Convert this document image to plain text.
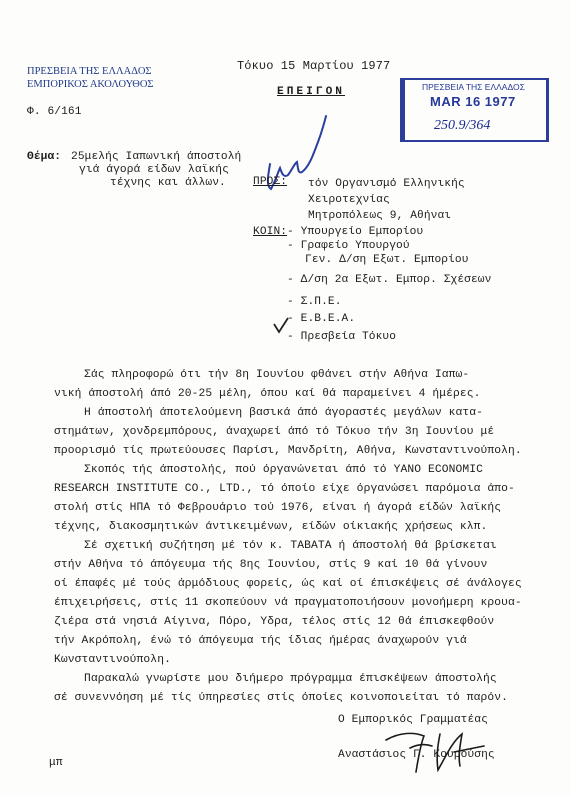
ΠΡΕΣΒΕΙΑ ΤΗΣ ΕΛΛΑΔΟΣ
ΕΜΠΟΡΙΚΟΣ ΑΚΟΛΟΥΘΟΣ
Φ. 6/161
Τόκυο 15 Μαρτίου 1977
ΕΠΕΙΓΟΝ	ΠΡΕΣΒΕΙΑ ΤΗΣ ΕΛΛΑΔΟΣ
MAR 16 1977
250.9/364
Θέμα: 25μελής Ιαπωνική άποστολή
γιά άγορά είδων λαϊκής
τέχνης και άλλων.	ΠΡΟΣ: τόν Οργανισμό Ελληνικής
Χειροτεχνίας
Μητροπόλεως 9, Αθήναι
ΚΟΙΝ: - Υπουργείο Εμπορίου
- Γραφείο Υπουργού
Γεν. Δ/ση Εξωτ. Εμπορίου
- Δ/ση 2α Εξωτ. Εμπορ. Σχέσεων
- Σ.Π.Ε.
- Ε.Β.Ε.Α.
- Πρεσβεία Τόκυο
Σάς πληροφορώ ότι τήν 8η Ιουνίου φθάνει στήν Αθήνα Ιαπω-
νική άποστολή άπό 20-25 μέλη, όπου καί θά παραμείνει 4 ήμέρες.
Η άποστολή άποτελούμενη βασικά άπό άγοραστές μεγάλων κατα-
στημάτων, χονδρεμπόρους, άναχωρεί άπό τό Τόκυο τήν 3η Ιουνίου μέ
προορισμό τίς πρωτεύουσες Παρίσι, Μανδρίτη, Αθήνα, Κωνσταντινούπολη.
Σκοπός τής άποστολής, πού όργανώνεται άπό τό YANO ECONOMIC
RESEARCH INSTITUTE CO., LTD., τό όποίο είχε όργανώσει παρόμοια άπο-
στολή στίς ΗΠΑ τό Φεβρουάριο τού 1976, είναι ή άγορά είδών λαϊκής
τέχνης, διακοσμητικών άντικειμένων, είδών οίκιακής χρήσεως κλπ.
Σέ σχετική συζήτηση μέ τόν κ. TABATA ή άποστολή θά βρίσκεται
στήν Αθήνα τό άπόγευμα τής 8ης Ιουνίου, στίς 9 καί 10 θά γίνουν
οί έπαφές μέ τούς άρμόδιους φορείς, ώς καί οί έπισκέψεις σέ άνάλογες
έπιχειρήσεις, στίς 11 σκοπεύουν νά πραγματοποιήσουν μονοήμερη κρουα-
ζιέρα στά νησιά Αίγινα, Πόρο, Υδρα, τέλος στίς 12 θά έπισκεφθούν
τήν Ακρόπολη, ένώ τό άπόγευμα τής ίδιας ήμέρας άναχωρούν γιά
Κωνσταντινούπολη.
Παρακαλώ γνωρίστε μου διήμερο πρόγραμμα έπισκέψεων άποστολής
σέ συνεννόηση μέ τίς ύπηρεσίες στίς όποίες κοινοποιείται τό παρόν.
Ο Εμπορικός Γραμματέας
Αναστάσιος Γ. Κουρούσης
μπ
